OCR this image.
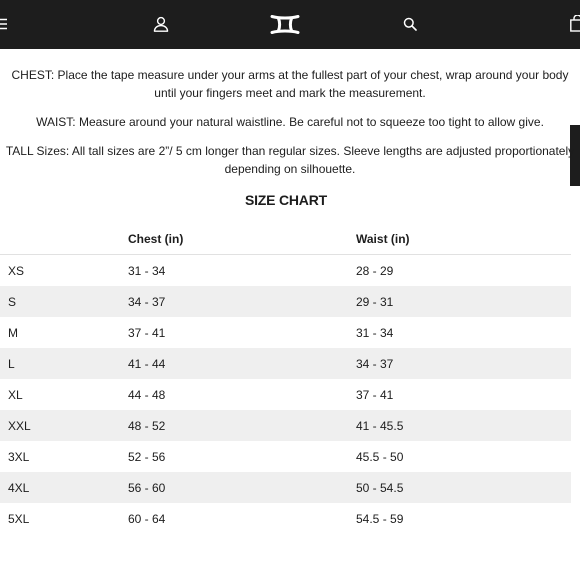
CHEST: Place the tape measure under your arms at the fullest part of your chest, wrap around your body until your fingers meet and mark the measurement.

WAIST: Measure around your natural waistline. Be careful not to squeeze too tight to allow give.

TALL Sizes: All tall sizes are 2”/ 5 cm longer than regular sizes. Sleeve lengths are adjusted proportionately depending on silhouette.

SIZE CHART
	Chest (in)	Waist (in)
XS	31 - 34	28 - 29
S	34 - 37	29 - 31
M	37 - 41	31 - 34
L	41 - 44	34 - 37
XL	44 - 48	37 - 41
XXL	48 - 52	41 - 45.5
3XL	52 - 56	45.5 - 50
4XL	56 - 60	50 - 54.5
5XL	60 - 64	54.5 - 59
